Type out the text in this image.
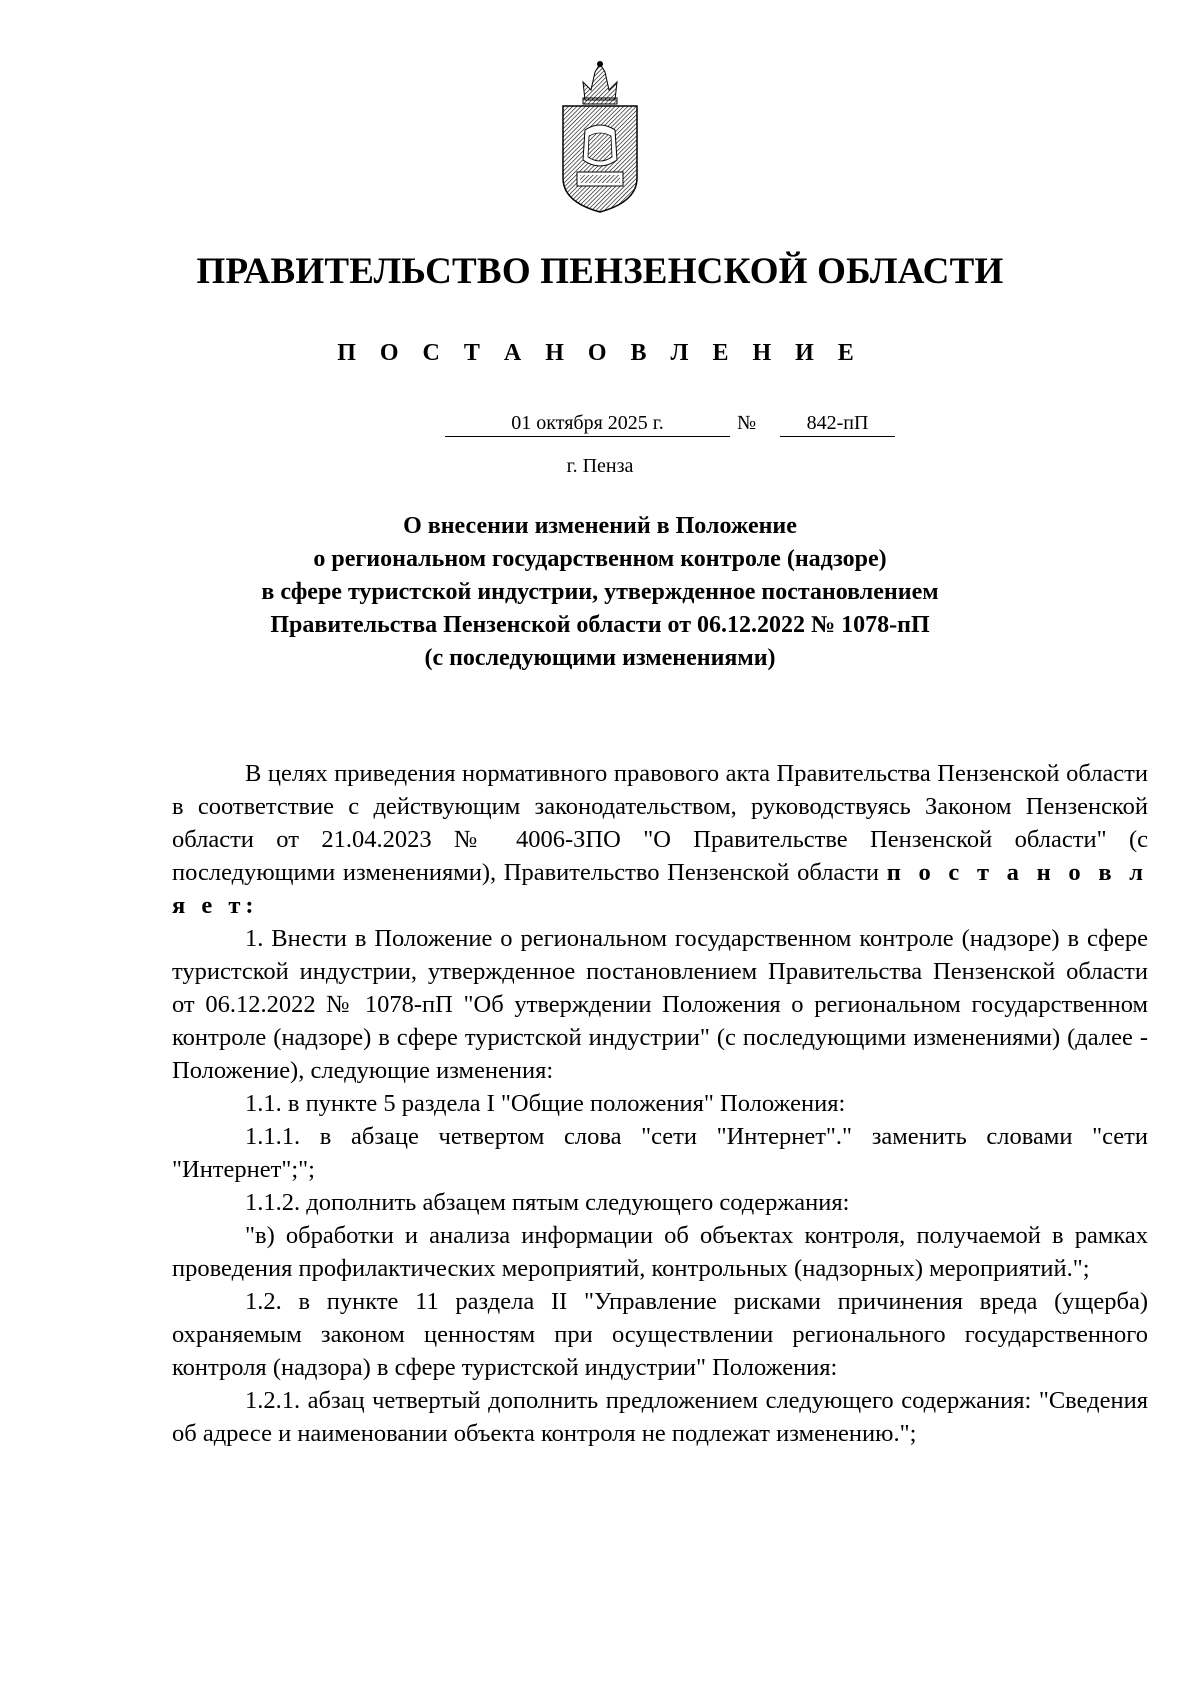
ПРАВИТЕЛЬСТВО ПЕНЗЕНСКОЙ ОБЛАСТИ
П О С Т А Н О В Л Е Н И Е
01 октября 2025 г.	№	842-пП
г. Пенза
О внесении изменений в Положение
о региональном государственном контроле (надзоре)
в сфере туристской индустрии, утвержденное постановлением
Правительства Пензенской области от 06.12.2022 № 1078-пП
(с последующими изменениями)

В целях приведения нормативного правового акта Правительства Пензенской области в соответствие с действующим законодательством, руководствуясь Законом Пензенской области от 21.04.2023 № 4006-ЗПО "О Правительстве Пензенской области" (с последующими изменениями), Правительство Пензенской области п о с т а н о в л я е т:

1. Внести в Положение о региональном государственном контроле (надзоре) в сфере туристской индустрии, утвержденное постановлением Правительства Пензенской области от 06.12.2022 № 1078-пП "Об утверждении Положения о региональном государственном контроле (надзоре) в сфере туристской индустрии" (с последующими изменениями) (далее - Положение), следующие изменения:

1.1. в пункте 5 раздела I "Общие положения" Положения:

1.1.1. в абзаце четвертом слова "сети "Интернет"." заменить словами "сети "Интернет";";

1.1.2. дополнить абзацем пятым следующего содержания:

"в) обработки и анализа информации об объектах контроля, получаемой в рамках проведения профилактических мероприятий, контрольных (надзорных) мероприятий.";

1.2. в пункте 11 раздела II "Управление рисками причинения вреда (ущерба) охраняемым законом ценностям при осуществлении регионального государственного контроля (надзора) в сфере туристской индустрии" Положения:

1.2.1. абзац четвертый дополнить предложением следующего содержания: "Сведения об адресе и наименовании объекта контроля не подлежат изменению.";
